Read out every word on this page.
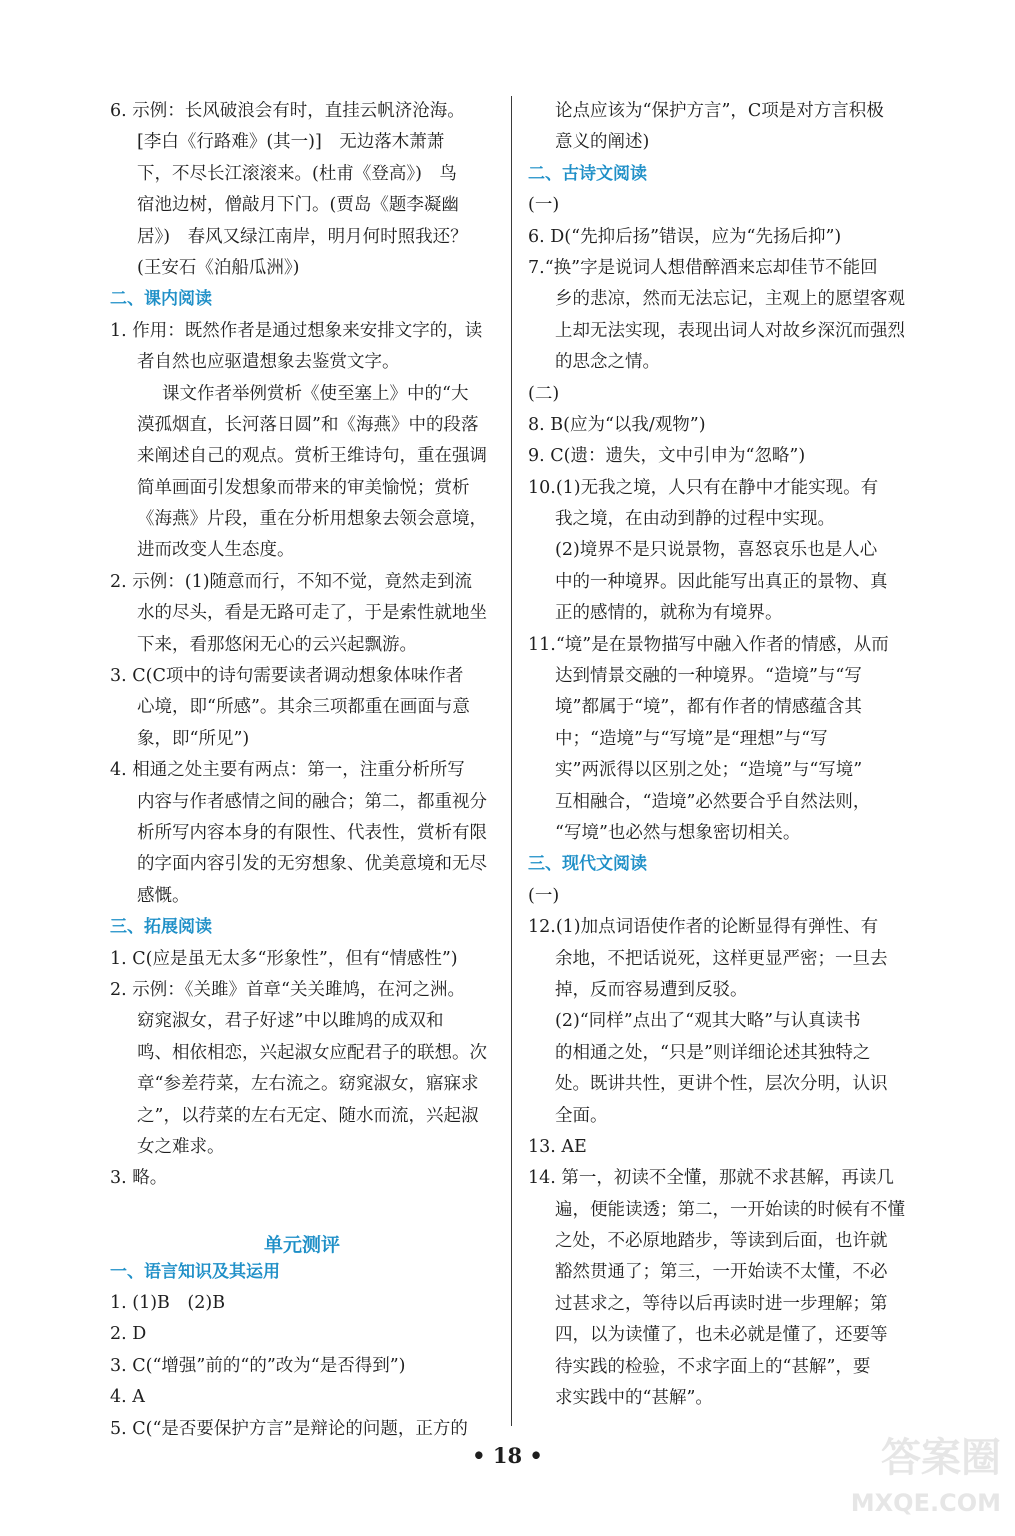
6. 示例：长风破浪会有时，直挂云帆济沧海。
[李白《行路难》(其一)]　无边落木萧萧
下，不尽长江滚滚来。(杜甫《登高》)　鸟
宿池边树，僧敲月下门。(贾岛《题李凝幽
居》)　春风又绿江南岸，明月何时照我还？
(王安石《泊船瓜洲》)
二、课内阅读
1. 作用：既然作者是通过想象来安排文字的，读
者自然也应驱遣想象去鉴赏文字。
课文作者举例赏析《使至塞上》中的“大
漠孤烟直，长河落日圆”和《海燕》中的段落
来阐述自己的观点。赏析王维诗句，重在强调
简单画面引发想象而带来的审美愉悦；赏析
《海燕》片段，重在分析用想象去领会意境，
进而改变人生态度。
2. 示例：(1)随意而行，不知不觉，竟然走到流
水的尽头，看是无路可走了，于是索性就地坐
下来，看那悠闲无心的云兴起飘游。
3. C(C项中的诗句需要读者调动想象体味作者
心境，即“所感”。其余三项都重在画面与意
象，即“所见”)
4. 相通之处主要有两点：第一，注重分析所写
内容与作者感情之间的融合；第二，都重视分
析所写内容本身的有限性、代表性，赏析有限
的字面内容引发的无穷想象、优美意境和无尽
感慨。
三、拓展阅读
1. C(应是虽无太多“形象性”，但有“情感性”)
2. 示例：《关雎》首章“关关雎鸠，在河之洲。
窈窕淑女，君子好逑”中以雎鸠的成双和
鸣、相依相恋，兴起淑女应配君子的联想。次
章“参差荇菜，左右流之。窈窕淑女，寤寐求
之”，以荇菜的左右无定、随水而流，兴起淑
女之难求。
3. 略。
单元测评
一、语言知识及其运用
1. (1)B　(2)B
2. D
3. C(“增强”前的“的”改为“是否得到”)
4. A
5. C(“是否要保护方言”是辩论的问题，正方的
论点应该为“保护方言”，C项是对方言积极
意义的阐述)
二、古诗文阅读
(一)
6. D(“先抑后扬”错误，应为“先扬后抑”)
7.“换”字是说词人想借醉酒来忘却佳节不能回
乡的悲凉，然而无法忘记，主观上的愿望客观
上却无法实现，表现出词人对故乡深沉而强烈
的思念之情。
(二)
8. B(应为“以我/观物”)
9. C(遗：遗失，文中引申为“忽略”)
10.(1)无我之境，人只有在静中才能实现。有
我之境，在由动到静的过程中实现。
(2)境界不是只说景物，喜怒哀乐也是人心
中的一种境界。因此能写出真正的景物、真
正的感情的，就称为有境界。
11.“境”是在景物描写中融入作者的情感，从而
达到情景交融的一种境界。“造境”与“写
境”都属于“境”，都有作者的情感蕴含其
中；“造境”与“写境”是“理想”与“写
实”两派得以区别之处；“造境”与“写境”
互相融合，“造境”必然要合乎自然法则，
“写境”也必然与想象密切相关。
三、现代文阅读
(一)
12.(1)加点词语使作者的论断显得有弹性、有
余地，不把话说死，这样更显严密；一旦去
掉，反而容易遭到反驳。
(2)“同样”点出了“观其大略”与认真读书
的相通之处，“只是”则详细论述其独特之
处。既讲共性，更讲个性，层次分明，认识
全面。
13. AE
14. 第一，初读不全懂，那就不求甚解，再读几
遍，便能读透；第二，一开始读的时候有不懂
之处，不必原地踏步，等读到后面，也许就
豁然贯通了；第三，一开始读不太懂，不必
过甚求之，等待以后再读时进一步理解；第
四，以为读懂了，也未必就是懂了，还要等
待实践的检验，不求字面上的“甚解”，要
求实践中的“甚解”。
• 18 •	答案圈
MXQE.COM
